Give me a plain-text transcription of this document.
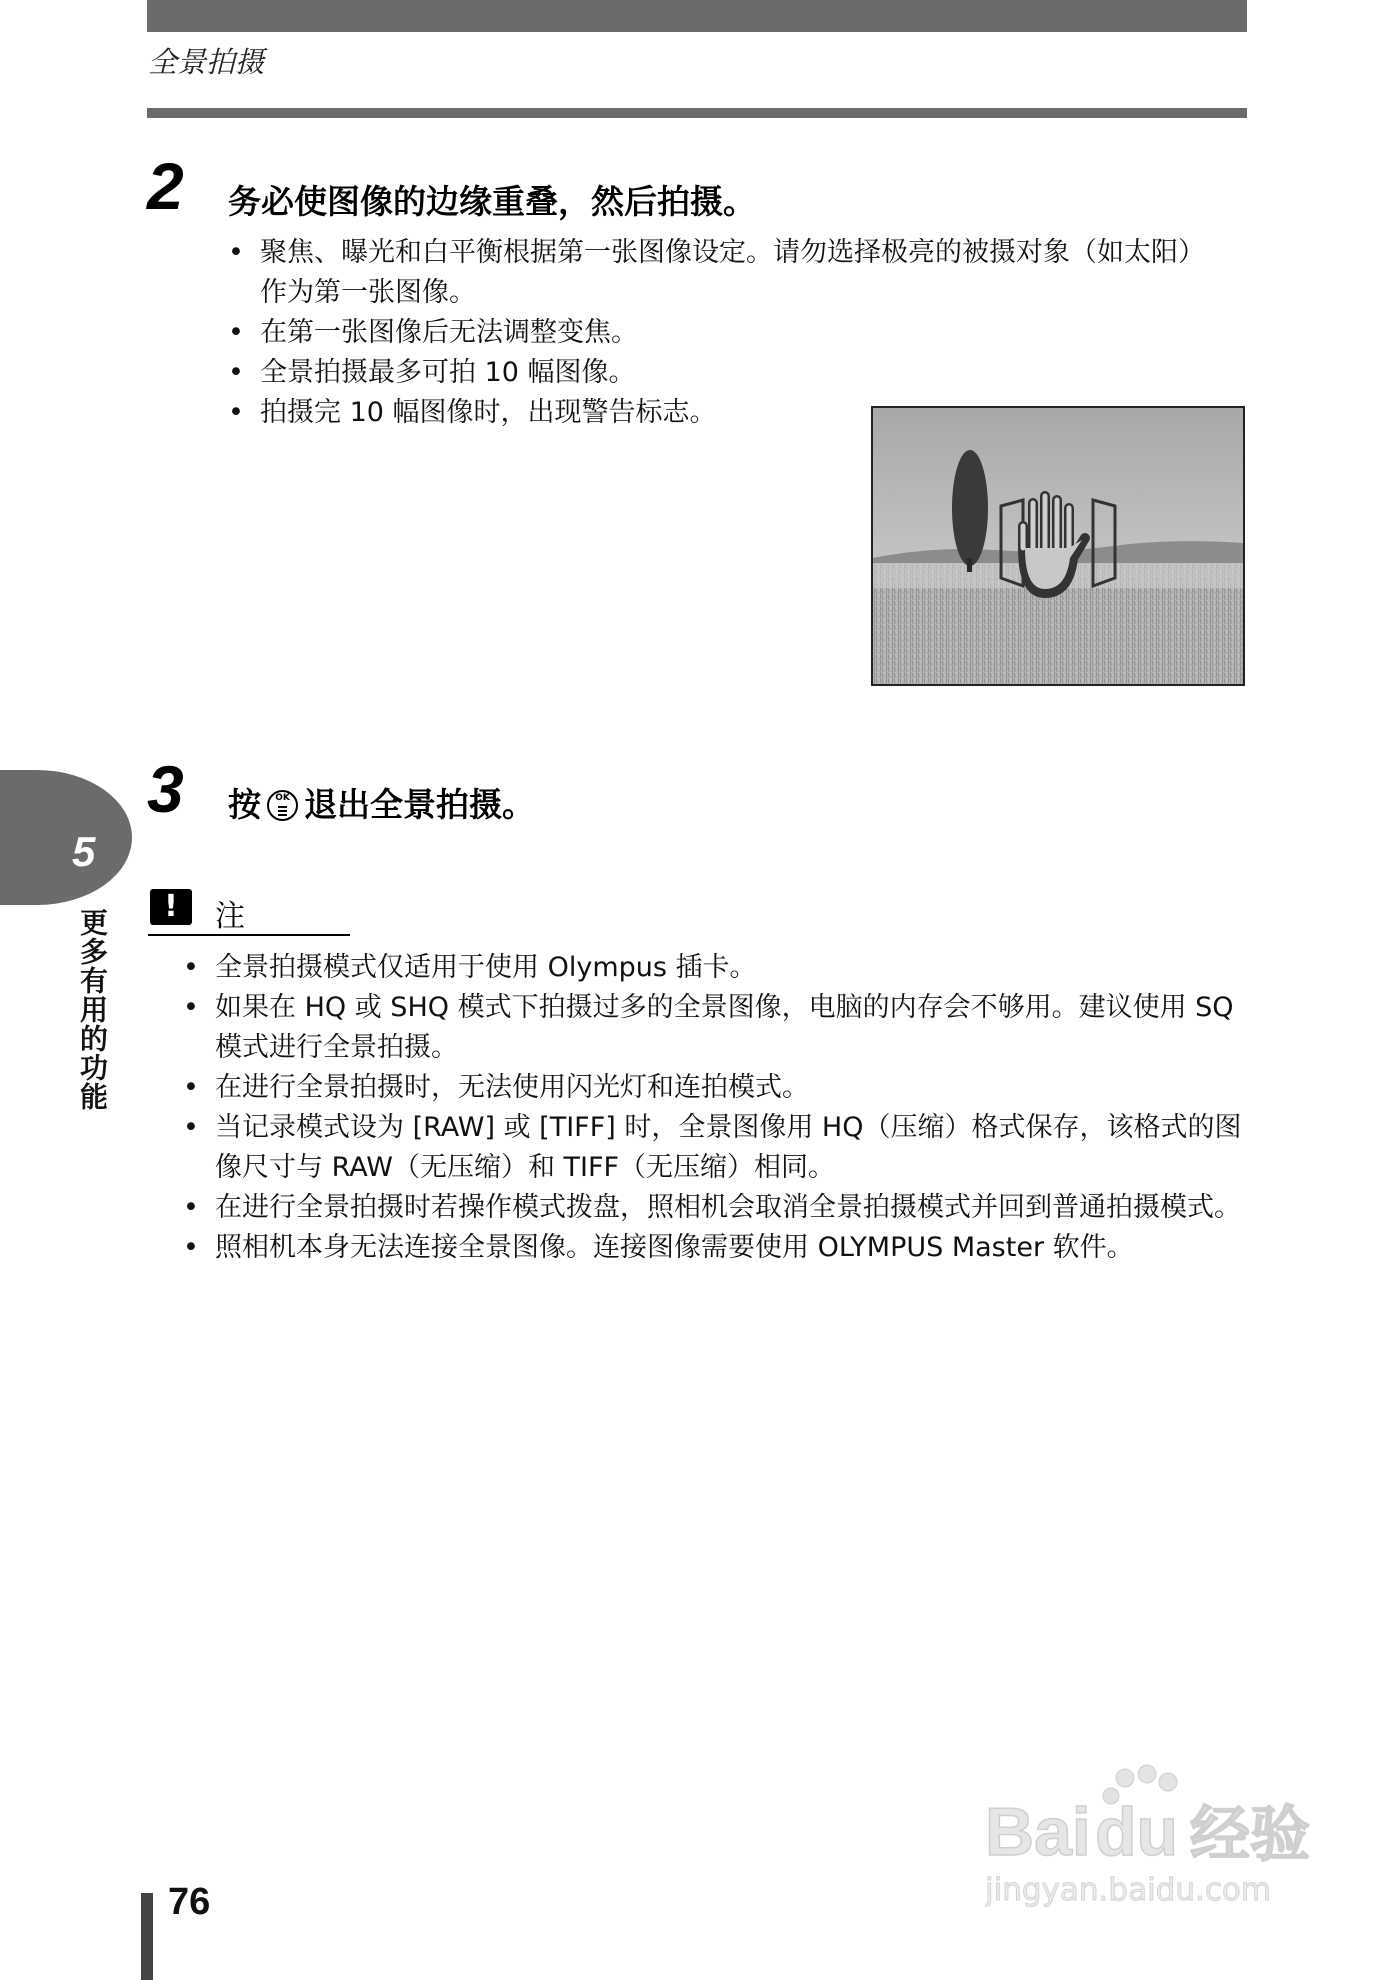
全景拍摄
2 务必使图像的边缘重叠，然后拍摄。
• 聚焦、曝光和白平衡根据第一张图像设定。请勿选择极亮的被摄对象（如太阳）作为第一张图像。
• 在第一张图像后无法调整变焦。
• 全景拍摄最多可拍 10 幅图像。
• 拍摄完 10 幅图像时，出现警告标志。
3 按	OK 退出全景拍摄。
5
更多有用的功能
!	注
• 全景拍摄模式仅适用于使用 Olympus 插卡。
• 如果在 HQ 或 SHQ 模式下拍摄过多的全景图像，电脑的内存会不够用。建议使用 SQ 模式进行全景拍摄。
• 在进行全景拍摄时，无法使用闪光灯和连拍模式。
• 当记录模式设为 [RAW] 或 [TIFF] 时，全景图像用 HQ（压缩）格式保存，该格式的图像尺寸与 RAW（无压缩）和 TIFF（无压缩）相同。
• 在进行全景拍摄时若操作模式拨盘，照相机会取消全景拍摄模式并回到普通拍摄模式。
• 照相机本身无法连接全景图像。连接图像需要使用 OLYMPUS Master 软件。
76
Bai du 经验
jingyan.baidu.com
